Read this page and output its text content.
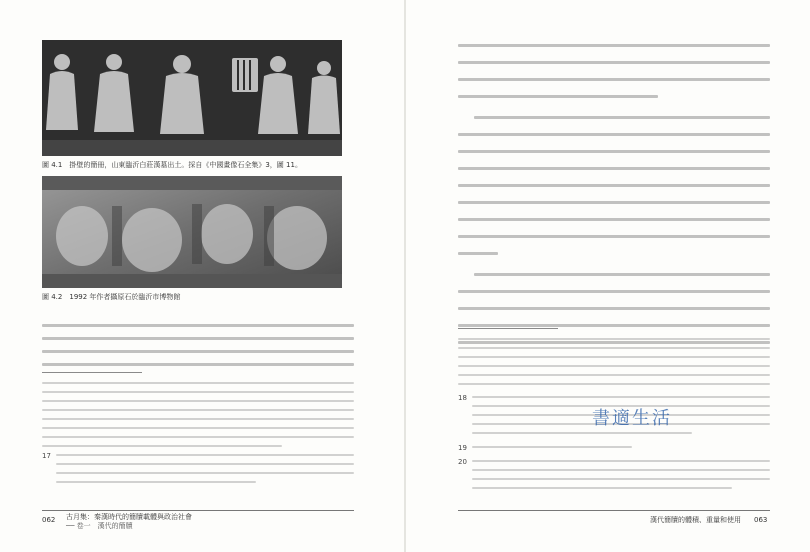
圖 4.1　 掛壁的簡冊，山東臨沂白莊漢墓出土。採自《中國畫像石全集》3，圖 11。
圖 4.2　 1992 年作者攝原石於臨沂市博物館
17
062 古月集：秦漢時代的簡牘載體與政治社會
── 卷一　漢代的簡牘
18
19
20
書適生活
漢代簡牘的體積、重量和使用 063
